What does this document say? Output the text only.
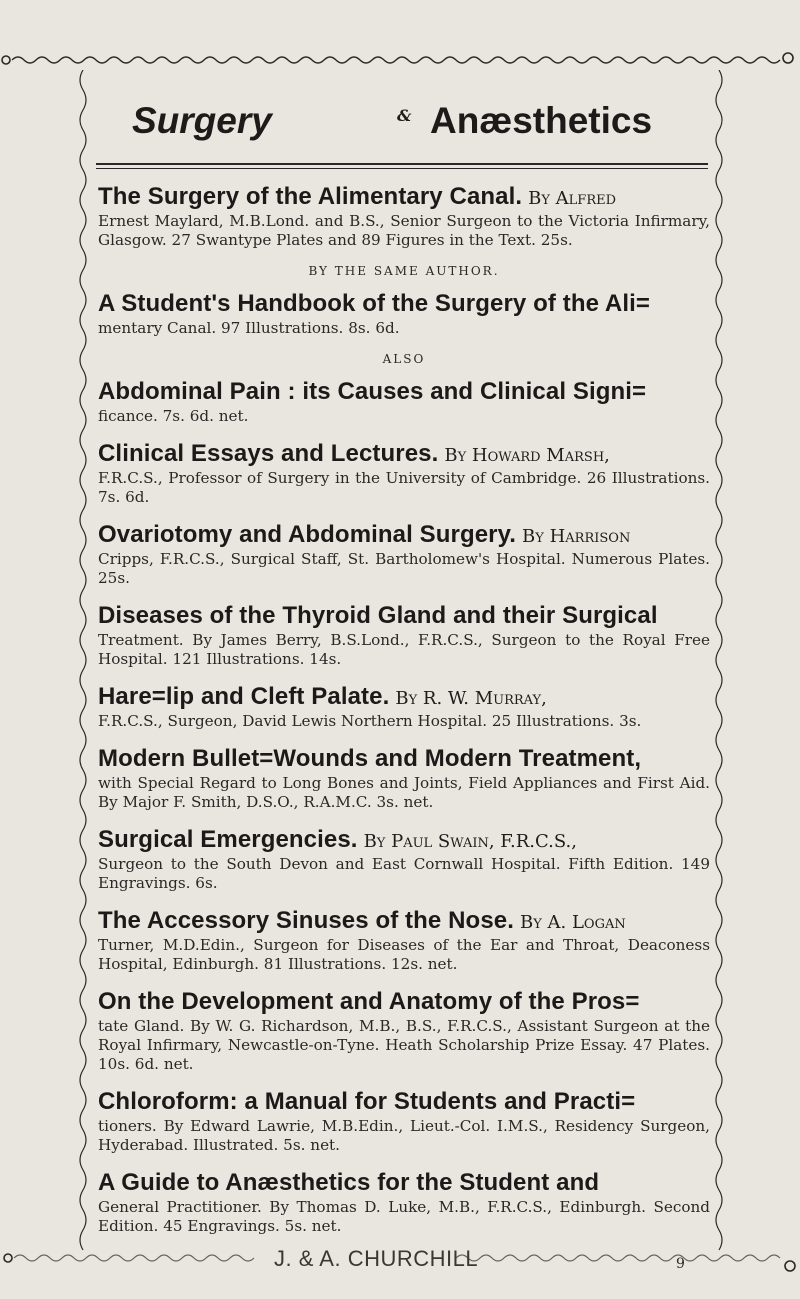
Surgery	& Anæsthetics
The Surgery of the Alimentary Canal. By Alfred
Ernest Maylard, M.B.Lond. and B.S., Senior Surgeon to the Victoria Infirmary, Glasgow. 27 Swantype Plates and 89 Figures in the Text. 25s.
BY THE SAME AUTHOR.
A Student's Handbook of the Surgery of the Ali=
mentary Canal. 97 Illustrations. 8s. 6d.
ALSO
Abdominal Pain : its Causes and Clinical Signi=
ficance. 7s. 6d. net.
Clinical Essays and Lectures. By Howard Marsh,
F.R.C.S., Professor of Surgery in the University of Cambridge. 26 Illustrations. 7s. 6d.
Ovariotomy and Abdominal Surgery. By Harrison
Cripps, F.R.C.S., Surgical Staff, St. Bartholomew's Hospital. Numerous Plates. 25s.
Diseases of the Thyroid Gland and their Surgical
Treatment. By James Berry, B.S.Lond., F.R.C.S., Surgeon to the Royal Free Hospital. 121 Illustrations. 14s.
Hare=lip and Cleft Palate. By R. W. Murray,
F.R.C.S., Surgeon, David Lewis Northern Hospital. 25 Illustrations. 3s.
Modern Bullet=Wounds and Modern Treatment,
with Special Regard to Long Bones and Joints, Field Appliances and First Aid. By Major F. Smith, D.S.O., R.A.M.C. 3s. net.
Surgical Emergencies. By Paul Swain, F.R.C.S.,
Surgeon to the South Devon and East Cornwall Hospital. Fifth Edition. 149 Engravings. 6s.
The Accessory Sinuses of the Nose. By A. Logan
Turner, M.D.Edin., Surgeon for Diseases of the Ear and Throat, Deaconess Hospital, Edinburgh. 81 Illustrations. 12s. net.
On the Development and Anatomy of the Pros=
tate Gland. By W. G. Richardson, M.B., B.S., F.R.C.S., Assistant Surgeon at the Royal Infirmary, Newcastle-on-Tyne. Heath Scholarship Prize Essay. 47 Plates. 10s. 6d. net.
Chloroform: a Manual for Students and Practi=
tioners. By Edward Lawrie, M.B.Edin., Lieut.-Col. I.M.S., Residency Surgeon, Hyderabad. Illustrated. 5s. net.
A Guide to Anæsthetics for the Student and
General Practitioner. By Thomas D. Luke, M.B., F.R.C.S., Edinburgh. Second Edition. 45 Engravings. 5s. net.
J. & A. CHURCHILL	9
